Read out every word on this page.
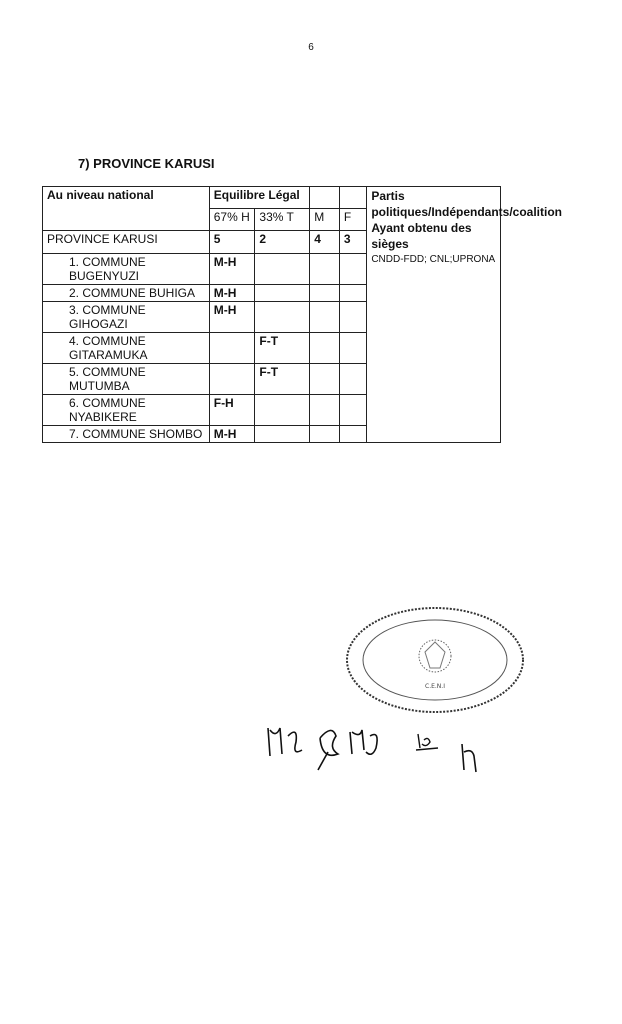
6
7) PROVINCE KARUSI
Au niveau national	Equilibre Légal				Partis politiques/Indépendants/coalition Ayant obtenu des sièges
	67% H	33% T	M	F	
PROVINCE KARUSI	5	2	4	3	
1. COMMUNE BUGENYUZI	M-H				CNDD-FDD; CNL;UPRONA
2. COMMUNE BUHIGA	M-H				
3. COMMUNE GIHOGAZI	M-H				
4. COMMUNE GITARAMUKA		F-T			
5. COMMUNE MUTUMBA		F-T			
6. COMMUNE NYABIKERE	F-H				
7. COMMUNE SHOMBO	M-H				
C.E.N.I
